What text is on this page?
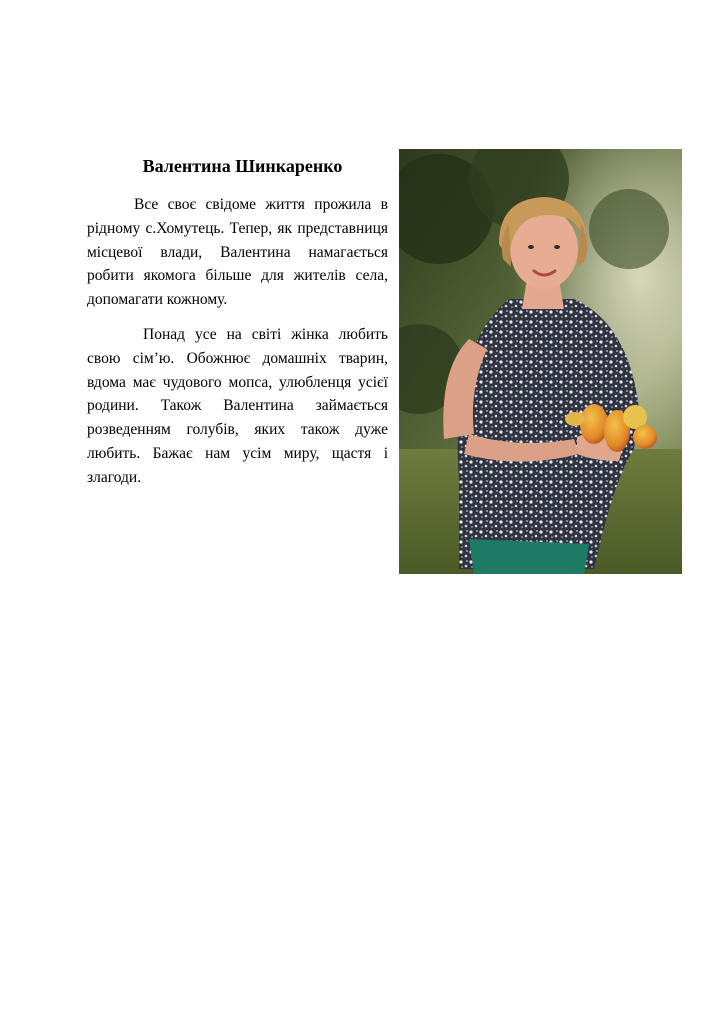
Валентина Шинкаренко

Все своє свідоме життя прожила в рідному с.Хомутець. Тепер, як представниця місцевої влади, Валентина намагається робити якомога більше для жителів села, допомагати кожному.

Понад усе на світі жінка любить свою сім’ю. Обожнює домашніх тварин, вдома має чудового мопса, улюбленця усієї родини. Також Валентина займається розведенням голубів, яких також дуже любить. Бажає нам усім миру, щастя і злагоди.
